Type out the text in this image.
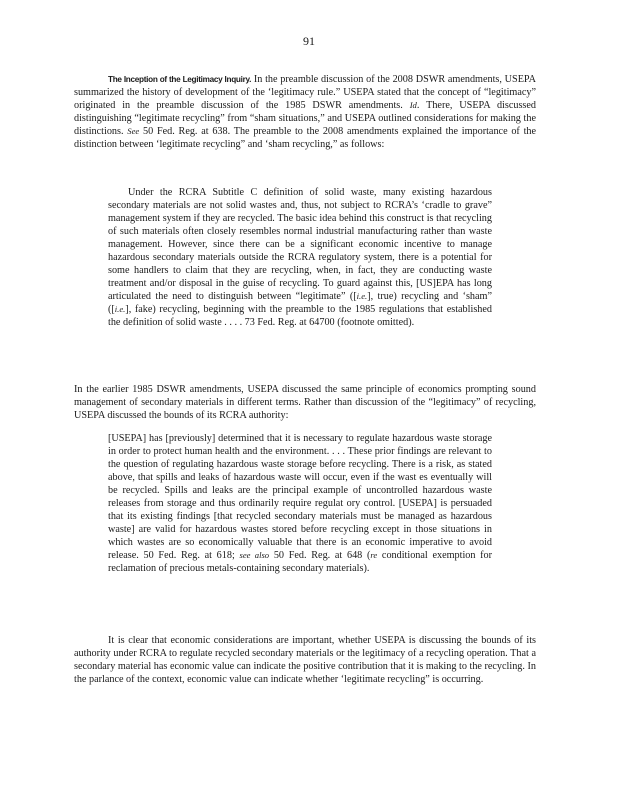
91
The Inception of the Legitimacy Inquiry. In the preamble discussion of the 2008 DSWR amendments, USEPA summarized the history of development of the ‘legitimacy rule.” USEPA stated that the concept of “legitimacy” originated in the preamble discussion of the 1985 DSWR amendments. Id. There, USEPA discussed distinguishing “legitimate recycling” from “sham situations,” and USEPA outlined considerations for making the distinctions. See 50 Fed. Reg. at 638. The preamble to the 2008 amendments explained the importance of the distinction between ‘legitimate recycling” and ‘sham recycling,” as follows:
Under the RCRA Subtitle C definition of solid waste, many existing hazardous secondary materials are not solid wastes and, thus, not subject to RCRA’s ‘cradle to grave” management system if they are recycled. The basic idea behind this construct is that recycling of such materials often closely resembles normal industrial manufacturing rather than waste management. However, since there can be a significant economic incentive to manage hazardous secondary materials outside the RCRA regulatory system, there is a potential for some handlers to claim that they are recycling, when, in fact, they are conducting waste treatment and/or disposal in the guise of recycling. To guard against this, [US]EPA has long articulated the need to distinguish between “legitimate” ([i.e.], true) recycling and ‘sham” ([i.e.], fake) recycling, beginning with the preamble to the 1985 regulations that established the definition of solid waste . . . . 73 Fed. Reg. at 64700 (footnote omitted).
In the earlier 1985 DSWR amendments, USEPA discussed the same principle of economics prompting sound management of secondary materials in different terms. Rather than discussion of the “legitimacy” of recycling, USEPA discussed the bounds of its RCRA authority:
[USEPA] has [previously] determined that it is necessary to regulate hazardous waste storage in order to protect human health and the environment. . . . These prior findings are relevant to the question of regulating hazardous waste storage before recycling. There is a risk, as stated above, that spills and leaks of hazardous waste will occur, even if the wast es eventually will be recycled. Spills and leaks are the principal example of uncontrolled hazardous waste releases from storage and thus ordinarily require regulat ory control. [USEPA] is persuaded that its existing findings [that recycled secondary materials must be managed as hazardous waste] are valid for hazardous wastes stored before recycling except in those situations in which wastes are so economically valuable that there is an economic imperative to avoid release. 50 Fed. Reg. at 618; see also 50 Fed. Reg. at 648 (re conditional exemption for reclamation of precious metals-containing secondary materials).
It is clear that economic considerations are important, whether USEPA is discussing the bounds of its authority under RCRA to regulate recycled secondary materials or the legitimacy of a recycling operation. That a secondary material has economic value can indicate the positive contribution that it is making to the recycling. In the parlance of the context, economic value can indicate whether ‘legitimate recycling” is occurring.
